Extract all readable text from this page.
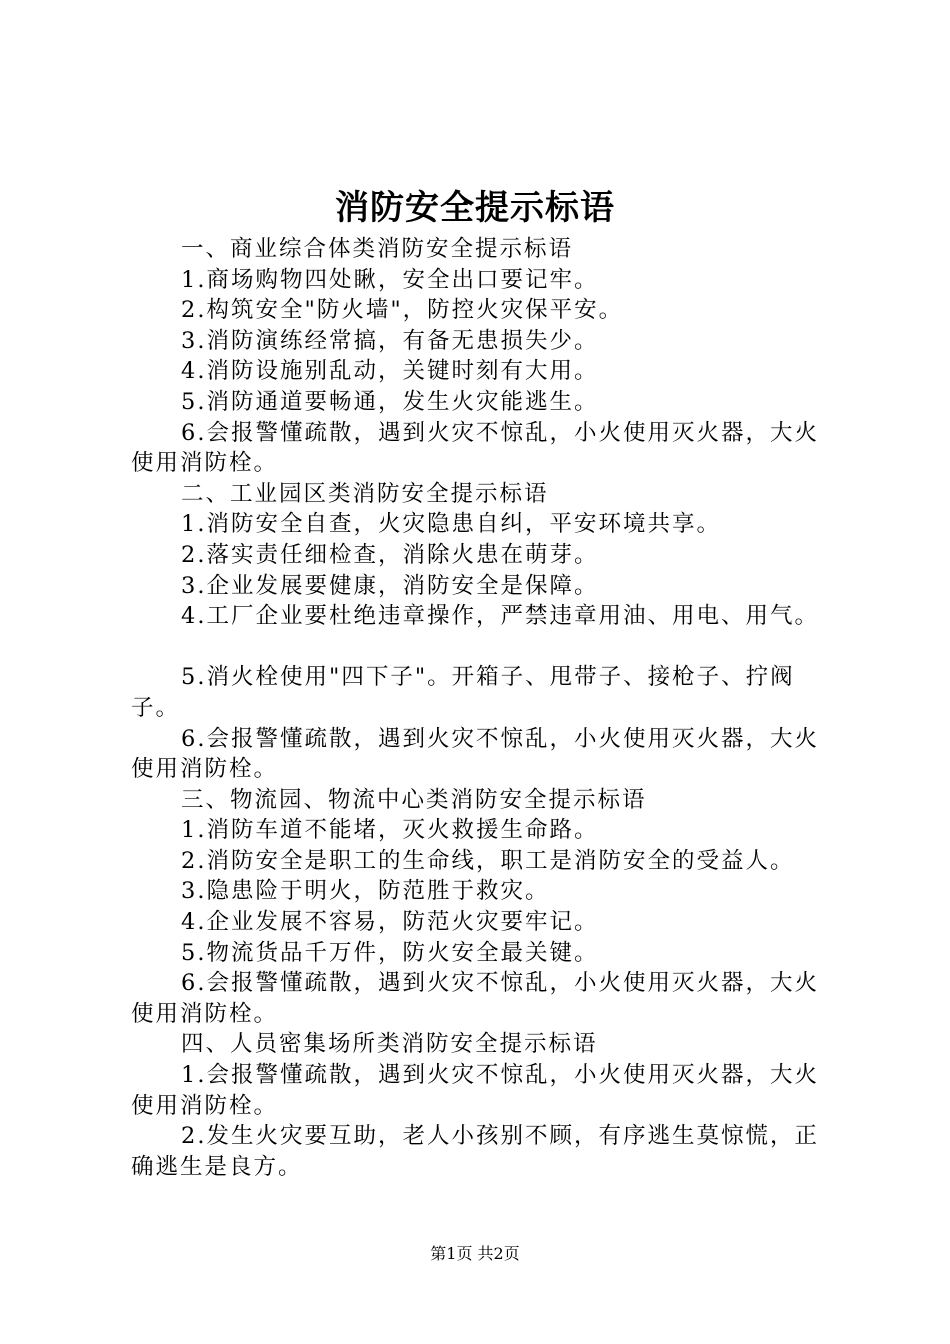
消防安全提示标语

一、商业综合体类消防安全提示标语

1.商场购物四处瞅，安全出口要记牢。

2.构筑安全"防火墙"，防控火灾保平安。

3.消防演练经常搞，有备无患损失少。

4.消防设施别乱动，关键时刻有大用。

5.消防通道要畅通，发生火灾能逃生。

6.会报警懂疏散，遇到火灾不惊乱，小火使用灭火器，大火使用消防栓。

二、工业园区类消防安全提示标语

1.消防安全自查，火灾隐患自纠，平安环境共享。

2.落实责任细检查，消除火患在萌芽。

3.企业发展要健康，消防安全是保障。

4.工厂企业要杜绝违章操作，严禁违章用油、用电、用气。

5.消火栓使用"四下子"。开箱子、甩带子、接枪子、拧阀子。

6.会报警懂疏散，遇到火灾不惊乱，小火使用灭火器，大火使用消防栓。

三、物流园、物流中心类消防安全提示标语

1.消防车道不能堵，灭火救援生命路。

2.消防安全是职工的生命线，职工是消防安全的受益人。

3.隐患险于明火，防范胜于救灾。

4.企业发展不容易，防范火灾要牢记。

5.物流货品千万件，防火安全最关键。

6.会报警懂疏散，遇到火灾不惊乱，小火使用灭火器，大火使用消防栓。

四、人员密集场所类消防安全提示标语

1.会报警懂疏散，遇到火灾不惊乱，小火使用灭火器，大火使用消防栓。

2.发生火灾要互助，老人小孩别不顾，有序逃生莫惊慌，正确逃生是良方。

第1页 共2页
